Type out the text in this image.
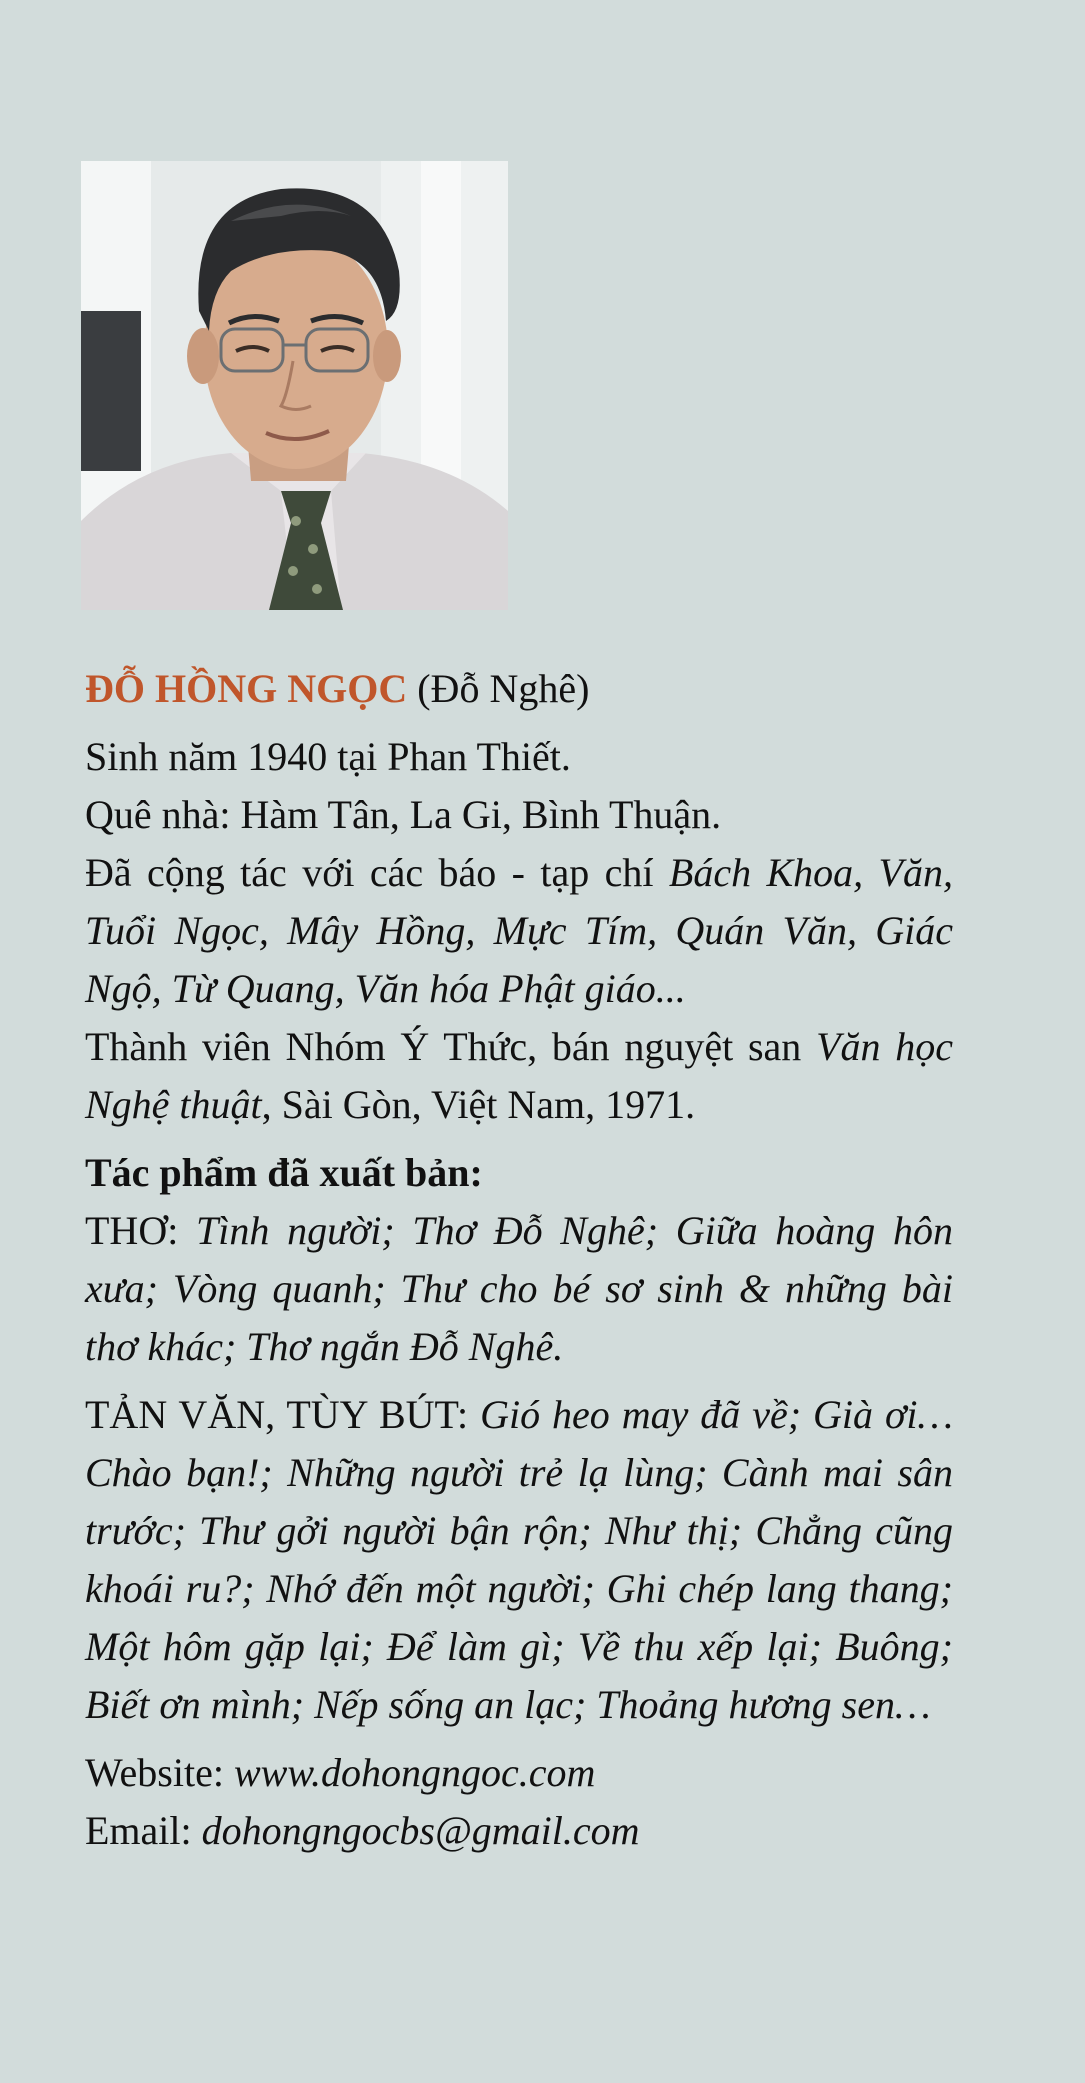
ĐỖ HỒNG NGỌC (Đỗ Nghê)

Sinh năm 1940 tại Phan Thiết.

Quê nhà: Hàm Tân, La Gi, Bình Thuận.

Đã cộng tác với các báo - tạp chí Bách Khoa, Văn, Tuổi Ngọc, Mây Hồng, Mực Tím, Quán Văn, Giác Ngộ, Từ Quang, Văn hóa Phật giáo...

Thành viên Nhóm Ý Thức, bán nguyệt san Văn học Nghệ thuật, Sài Gòn, Việt Nam, 1971.

Tác phẩm đã xuất bản:

THƠ: Tình người; Thơ Đỗ Nghê; Giữa hoàng hôn xưa; Vòng quanh; Thư cho bé sơ sinh & những bài thơ khác; Thơ ngắn Đỗ Nghê.

TẢN VĂN, TÙY BÚT: Gió heo may đã về; Già ơi… Chào bạn!; Những người trẻ lạ lùng; Cành mai sân trước; Thư gởi người bận rộn; Như thị; Chẳng cũng khoái ru?; Nhớ đến một người; Ghi chép lang thang; Một hôm gặp lại; Để làm gì; Về thu xếp lại; Buông; Biết ơn mình; Nếp sống an lạc; Thoảng hương sen…

Website: www.dohongngoc.com

Email: dohongngocbs@gmail.com
